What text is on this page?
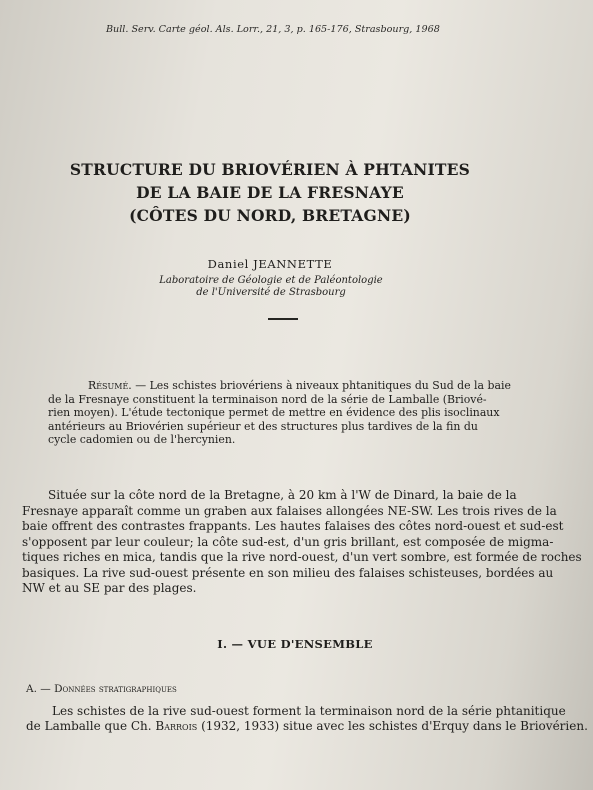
Bull. Serv. Carte géol. Als. Lorr., 21, 3, p. 165-176, Strasbourg, 1968
STRUCTURE DU BRIOVÉRIEN À PHTANITES
DE LA BAIE DE LA FRESNAYE
(CÔTES DU NORD, BRETAGNE)
Daniel JEANNETTE
Laboratoire de Géologie et de Paléontologie
de l'Université de Strasbourg
Résumé. — Les schistes briovériens à niveaux phtanitiques du Sud de la baie
de la Fresnaye constituent la terminaison nord de la série de Lamballe (Briové-
rien moyen). L'étude tectonique permet de mettre en évidence des plis isoclinaux
antérieurs au Briovérien supérieur et des structures plus tardives de la fin du
cycle cadomien ou de l'hercynien.
Située sur la côte nord de la Bretagne, à 20 km à l'W de Dinard, la baie de la
Fresnaye apparaît comme un graben aux falaises allongées NE-SW. Les trois rives de la
baie offrent des contrastes frappants. Les hautes falaises des côtes nord-ouest et sud-est
s'opposent par leur couleur; la côte sud-est, d'un gris brillant, est composée de migma-
tiques riches en mica, tandis que la rive nord-ouest, d'un vert sombre, est formée de roches
basiques. La rive sud-ouest présente en son milieu des falaises schisteuses, bordées au
NW et au SE par des plages.
I. — VUE D'ENSEMBLE
A. — Données stratigraphiques
Les schistes de la rive sud-ouest forment la terminaison nord de la série phtanitique
de Lamballe que Ch. Barrois (1932, 1933) situe avec les schistes d'Erquy dans le Briovérien.
